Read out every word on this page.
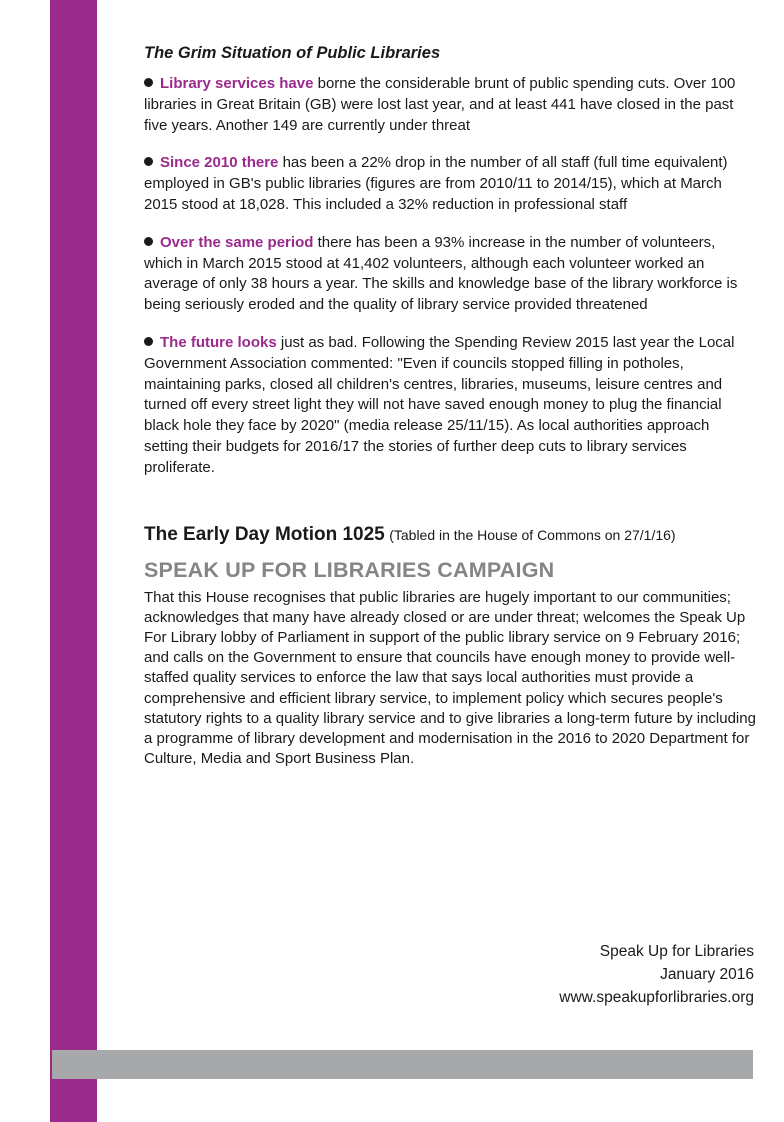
The Grim Situation of Public Libraries

Library services have borne the considerable brunt of public spending cuts. Over 100 libraries in Great Britain (GB) were lost last year, and at least 441 have closed in the past five years. Another 149 are currently under threat

Since 2010 there has been a 22% drop in the number of all staff (full time equivalent) employed in GB's public libraries (figures are from 2010/11 to 2014/15), which at March 2015 stood at 18,028. This included a 32% reduction in professional staff

Over the same period there has been a 93% increase in the number of volunteers, which in March 2015 stood at 41,402 volunteers, although each volunteer worked an average of only 38 hours a year. The skills and knowledge base of the library workforce is being seriously eroded and the quality of library service provided threatened

The future looks just as bad. Following the Spending Review 2015 last year the Local Government Association commented: "Even if councils stopped filling in potholes, maintaining parks, closed all children's centres, libraries, museums, leisure centres and turned off every street light they will not have saved enough money to plug the financial black hole they face by 2020" (media release 25/11/15). As local authorities approach setting their budgets for 2016/17 the stories of further deep cuts to library services proliferate.

The Early Day Motion 1025 (Tabled in the House of Commons on 27/1/16)
SPEAK UP FOR LIBRARIES CAMPAIGN

That this House recognises that public libraries are hugely important to our communities; acknowledges that many have already closed or are under threat; welcomes the Speak Up For Library lobby of Parliament in support of the public library service on 9 February 2016; and calls on the Government to ensure that councils have enough money to provide well-staffed quality services to enforce the law that says local authorities must provide a comprehensive and efficient library service, to implement policy which secures people's statutory rights to a quality library service and to give libraries a long-term future by including a programme of library development and modernisation in the 2016 to 2020 Department for Culture, Media and Sport Business Plan.

Speak Up for Libraries
January 2016
www.speakupforlibraries.org
